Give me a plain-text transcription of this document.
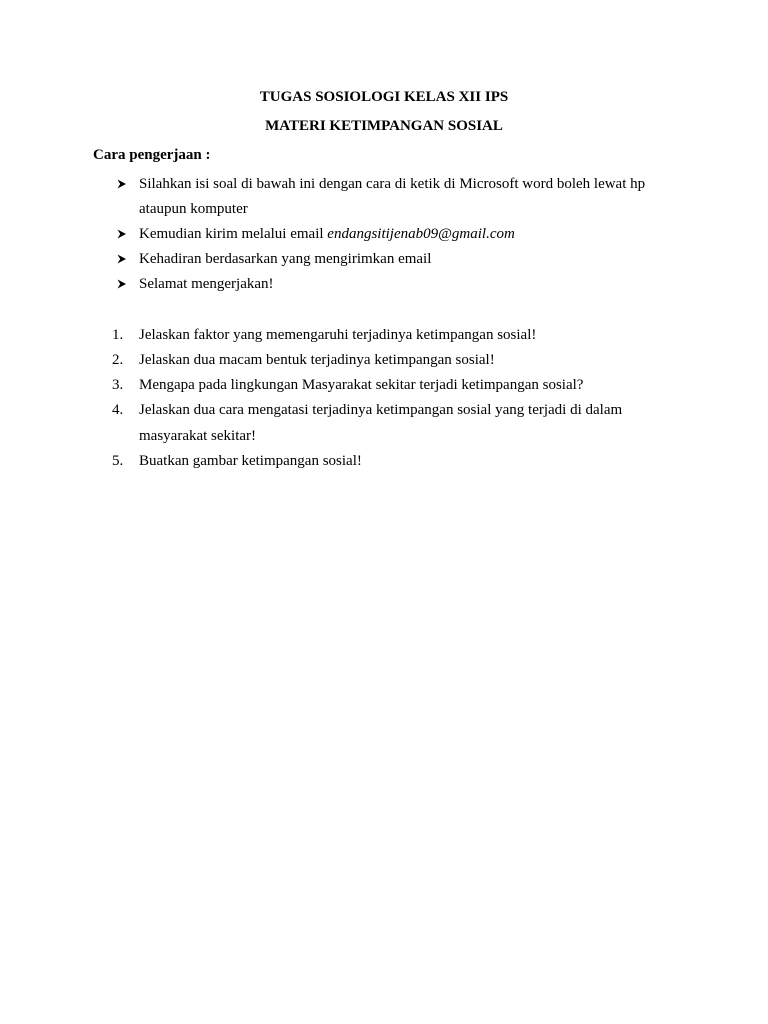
TUGAS SOSIOLOGI KELAS XII IPS
MATERI KETIMPANGAN SOSIAL
Cara pengerjaan :
Silahkan isi soal di bawah ini dengan cara di ketik di Microsoft word boleh lewat hp
ataupun komputer
Kemudian kirim melalui email endangsitijenab09@gmail.com
Kehadiran berdasarkan yang mengirimkan email
Selamat mengerjakan!
1.	Jelaskan faktor yang memengaruhi terjadinya ketimpangan sosial!
2.	Jelaskan dua macam bentuk terjadinya ketimpangan sosial!
3.	Mengapa pada lingkungan Masyarakat sekitar terjadi ketimpangan sosial?
4.	Jelaskan dua cara mengatasi terjadinya ketimpangan sosial yang terjadi di dalam
masyarakat sekitar!
5.	Buatkan gambar ketimpangan sosial!
